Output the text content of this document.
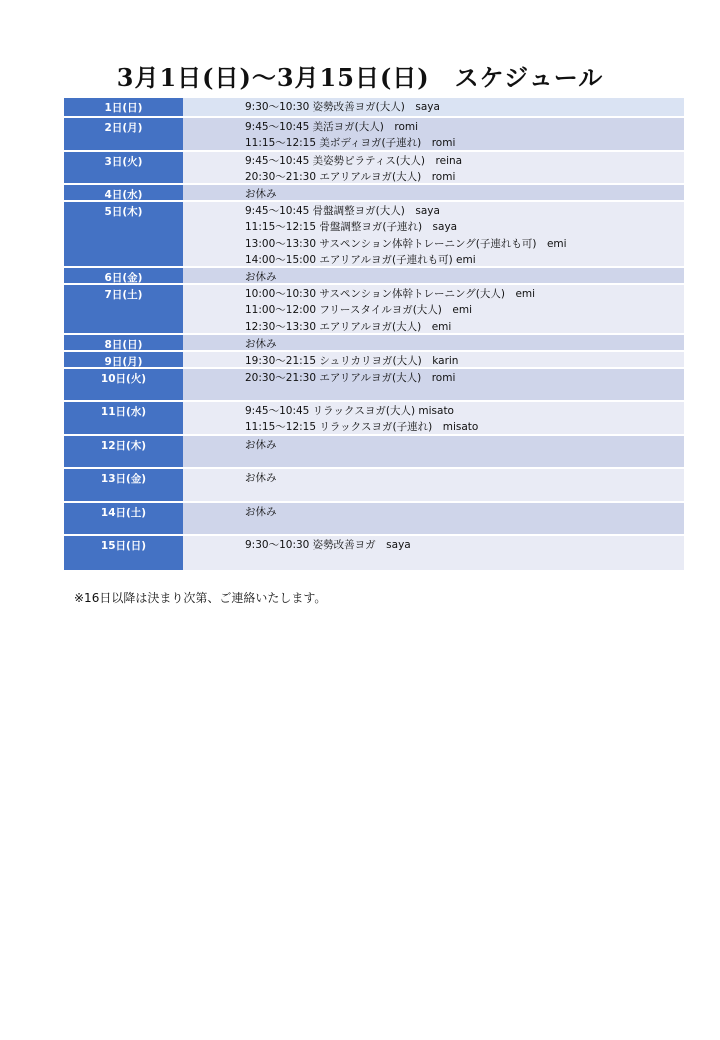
3月1日(日)〜3月15日(日)　スケジュール
1日(日)	9:30〜10:30 姿勢改善ヨガ(大人)　saya
2日(月)	9:45〜10:45 美活ヨガ(大人)　romi
11:15〜12:15 美ボディヨガ(子連れ)　romi
3日(火)	9:45〜10:45 美姿勢ピラティス(大人)　reina
20:30〜21:30 エアリアルヨガ(大人)　romi
4日(水)	お休み
5日(木)	9:45〜10:45 骨盤調整ヨガ(大人)　saya
11:15〜12:15 骨盤調整ヨガ(子連れ)　saya
13:00〜13:30 サスペンション体幹トレーニング(子連れも可)　emi
14:00〜15:00 エアリアルヨガ(子連れも可) emi
6日(金)	お休み
7日(土)	10:00〜10:30 サスペンション体幹トレーニング(大人)　emi
11:00〜12:00 フリースタイルヨガ(大人)　emi
12:30〜13:30 エアリアルヨガ(大人)　emi
8日(日)	お休み
9日(月)	19:30〜21:15 シュリカリヨガ(大人)　karin
10日(火)	20:30〜21:30 エアリアルヨガ(大人)　romi
11日(水)	9:45〜10:45 リラックスヨガ(大人) misato
11:15〜12:15 リラックスヨガ(子連れ)　misato
12日(木)	お休み
13日(金)	お休み
14日(土)	お休み
15日(日)	9:30〜10:30 姿勢改善ヨガ　saya
※16日以降は決まり次第、ご連絡いたします。
